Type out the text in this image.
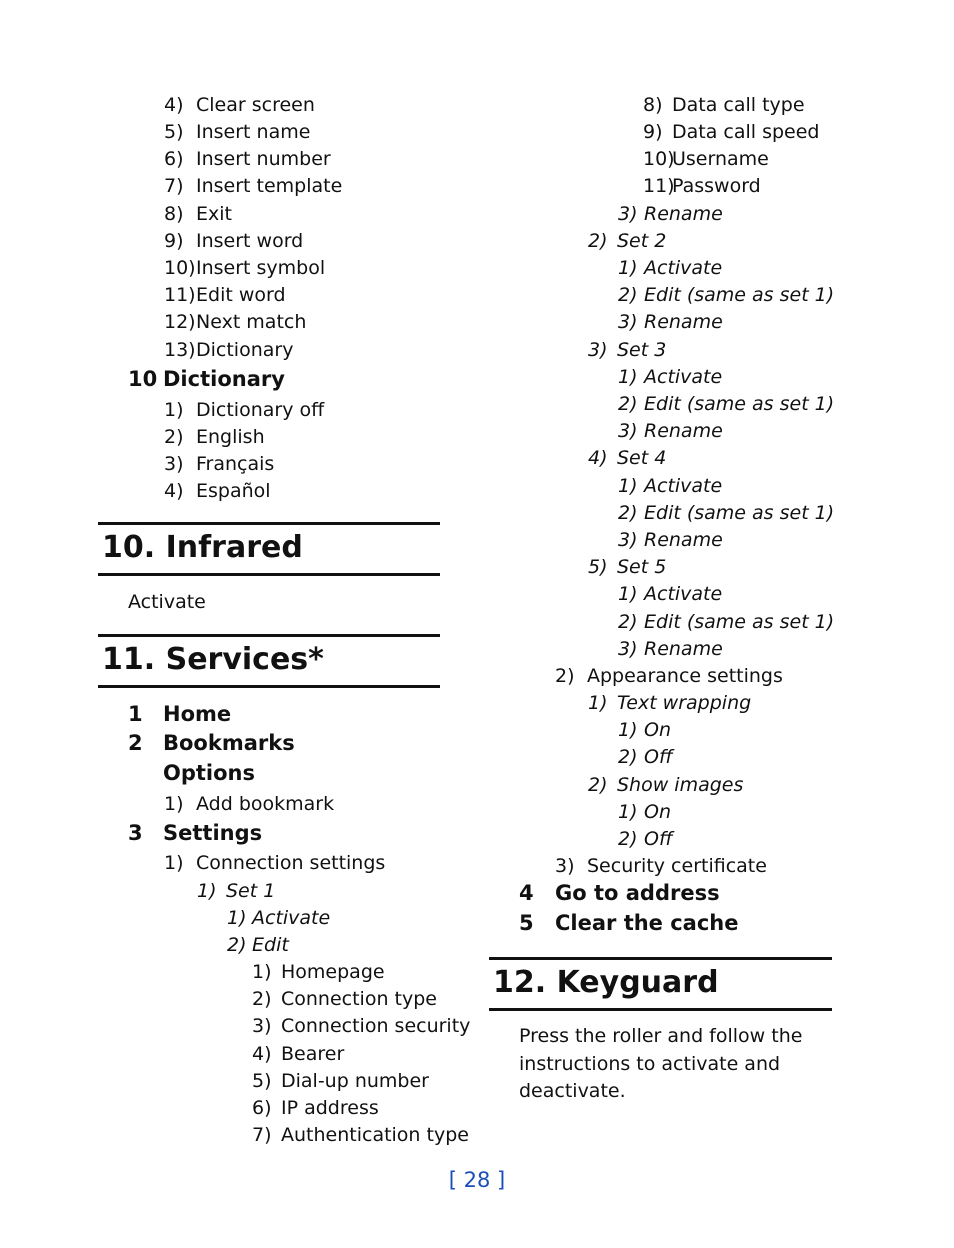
4) Clear screen
5) Insert name
6) Insert number
7) Insert template
8) Exit
9) Insert word
10)Insert symbol
11)Edit word
12)Next match
13)Dictionary
10 Dictionary
1) Dictionary off
2) English
3) Français
4) Español
10. Infrared
Activate
11. Services*
1 Home
2 Bookmarks
Options
1) Add bookmark
3 Settings
1) Connection settings
1) Set 1
1) Activate
2) Edit
1) Homepage
2) Connection type
3) Connection security
4) Bearer
5) Dial-up number
6) IP address
7) Authentication type
8) Data call type
9) Data call speed
10)Username
11)Password
3) Rename
2) Set 2
1) Activate
2) Edit (same as set 1)
3) Rename
3) Set 3
1) Activate
2) Edit (same as set 1)
3) Rename
4) Set 4
1) Activate
2) Edit (same as set 1)
3) Rename
5) Set 5
1) Activate
2) Edit (same as set 1)
3) Rename
2) Appearance settings
1) Text wrapping
1) On
2) Off
2) Show images
1) On
2) Off
3) Security certificate
4 Go to address
5 Clear the cache
12. Keyguard
Press the roller and follow the instructions to activate and deactivate.
[ 28 ]
